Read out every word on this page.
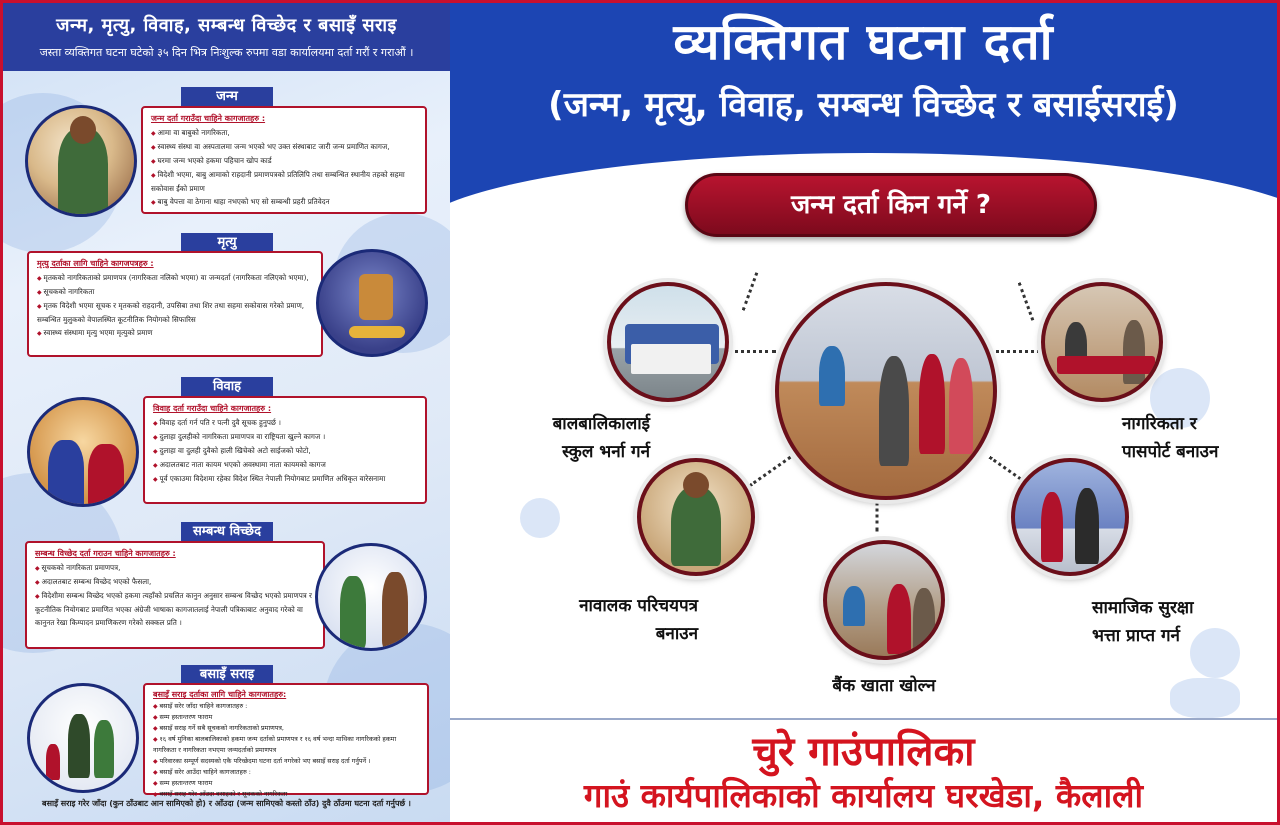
जन्म, मृत्यु, विवाह, सम्बन्ध विच्छेद र बसाइँ सराइ
जस्ता व्यक्तिगत घटना घटेको ३५ दिन भित्र निःशुल्क रुपमा वडा कार्यालयमा दर्ता गरौं र गराऔं ।
जन्म
जन्म दर्ता गराउँदा चाहिने कागजातहरु :
◆ आमा वा बाबुको नागरिकता,
◆ स्वास्थ्य संस्था वा अस्पतालमा जन्म भएको भए उक्त संस्थाबाट जारी जन्म प्रमाणित कागज,
◆ घरमा जन्म भएको हकमा पहिचान खोप कार्ड
◆ विदेशी भएमा, बाबु आमाको राहदानी प्रमाणपत्रको प्रतिलिपि तथा सम्बन्धित स्थानीय तहको सहमा सकोवास र्ईको प्रमाण
◆ बाबु वेपत्ता वा ठेगाना थाहा नभएको भए सो सम्बन्धी प्रहरी प्रतिवेदन
मृत्यु
मृत्यु दर्ताका लागि चाहिने कागजपत्रहरु :
◆ मृतकको नागरिकताको प्रमाणपत्र (नागरिकता नलिको भएमा) वा जन्मदर्ता (नागरिकता नलिएको भएमा),
◆ सूचकको नागरिकता
◆ मृतक विदेशी भएमा सूचक र मृतकको राहदानी, उपसिबा तथा शिर तथा सहमा सकोवास गरेको प्रमाण, सम्बन्धित मुलुकको वेपालस्थित कूटनीतिक नियोगको सिफारिस
◆ स्वास्थ्य संस्थामा मृत्यु भएमा मृत्युको प्रमाण
विवाह
विवाह दर्ता गराउँदा चाहिने कागजातहरु :
◆ विवाह दर्ता गर्न पति र पत्नी दुवै सूचक हुनुपर्छ ।
◆ दुलाहा दुलहीको नागरिकता प्रमाणपत्र वा राष्ट्रियता खुल्ने कागज ।
◆ दुलाहा वा दुलही दुवैको हाली खिचेको अटो साईजको फोटो,
◆ अदालतबाट नाता कायम भएको अवस्थामा नाता कायमको कागज
◆ पूर्व एकाउमा विदेशमा रहेका विदेश स्थित नेपाली नियोगबाट प्रमाणित अधिकृत वारेसनामा
सम्बन्ध विच्छेद
सम्बन्ध विच्छेद दर्ता गराउन चाहिने कागजातहरु :
◆ सूचकको नागरिकता प्रमाणपत्र,
◆ अदालतबाट सम्बन्ध विच्छेद भएको फैसला,
◆ विदेशीमा सम्बन्ध विच्छेद भएको हकमा त्यहाँको प्रचलित कानुन अनुसार सम्बन्ध विच्छेद भएको प्रमाणपत्र र कूटनीतिक नियोगबाट प्रमाणित भएका अंग्रेजी भाषाका कागजातलाई नेपाली पत्रिकाबाट अनुवाद गरेको वा कानुनत रेखा किम्पादन प्रमाणिकरण गरेको सक्कल प्रति ।
बसाइँ सराइ
बसाइँ सराइ दर्ताका लागि चाहिने कागजातहरु:
◆ बसाइँ सरेर जाँदा चाहिने कागजातहरु :
◆ सम्म हस्तान्तरण फाराम
◆ बसाइँ सराइ गर्ने सबै सूचकको नागरिकताको प्रमाणपत्र,
◆ १६ वर्ष मुनिका बालबालिकाको हकमा जन्म दर्ताको प्रमाणपत्र र १६ वर्ष भन्दा माथिका नागरिकको हकमा नागरिकता र नागरिकता नभएमा जन्मदर्ताको प्रमाणपत्र
◆ परिवारका सम्पूर्ण सदस्यको एकै परिच्छेदमा घटना दर्ता नगरेको भए बसाइँ सराइ दर्ता गर्नुपर्ने ।
◆ बसाइँ सरेर आउँदा चाहिने कागजातहरु :
◆ सम्म हस्तान्तरण फाराम
◆ बसाइँ सराइ गरेर आँउदा बसाइको र सूचकको नागरिकता
बसाइँ सराइ गरेर जाँदा (कुन ठाँउबाट आन सामिएको हो) र आँउदा (जन्म सामिएको कस्तो ठाँउ) दुवै ठाँउमा घटना दर्ता गर्नुपर्छ ।
व्यक्तिगत घटना दर्ता
(जन्म, मृत्यु, विवाह, सम्बन्ध विच्छेद र बसाईसराई)
जन्म दर्ता किन गर्ने ?
बालबालिकालाई
स्कुल भर्ना गर्न
नागरिकता र
पासपोर्ट बनाउन
नावालक परिचयपत्र
बनाउन
सामाजिक सुरक्षा
भत्ता प्राप्त गर्न
बैंक खाता खोल्न
चुरे गाउंपालिका
गाउं कार्यपालिकाको कार्यालय घरखेडा, कैलाली
